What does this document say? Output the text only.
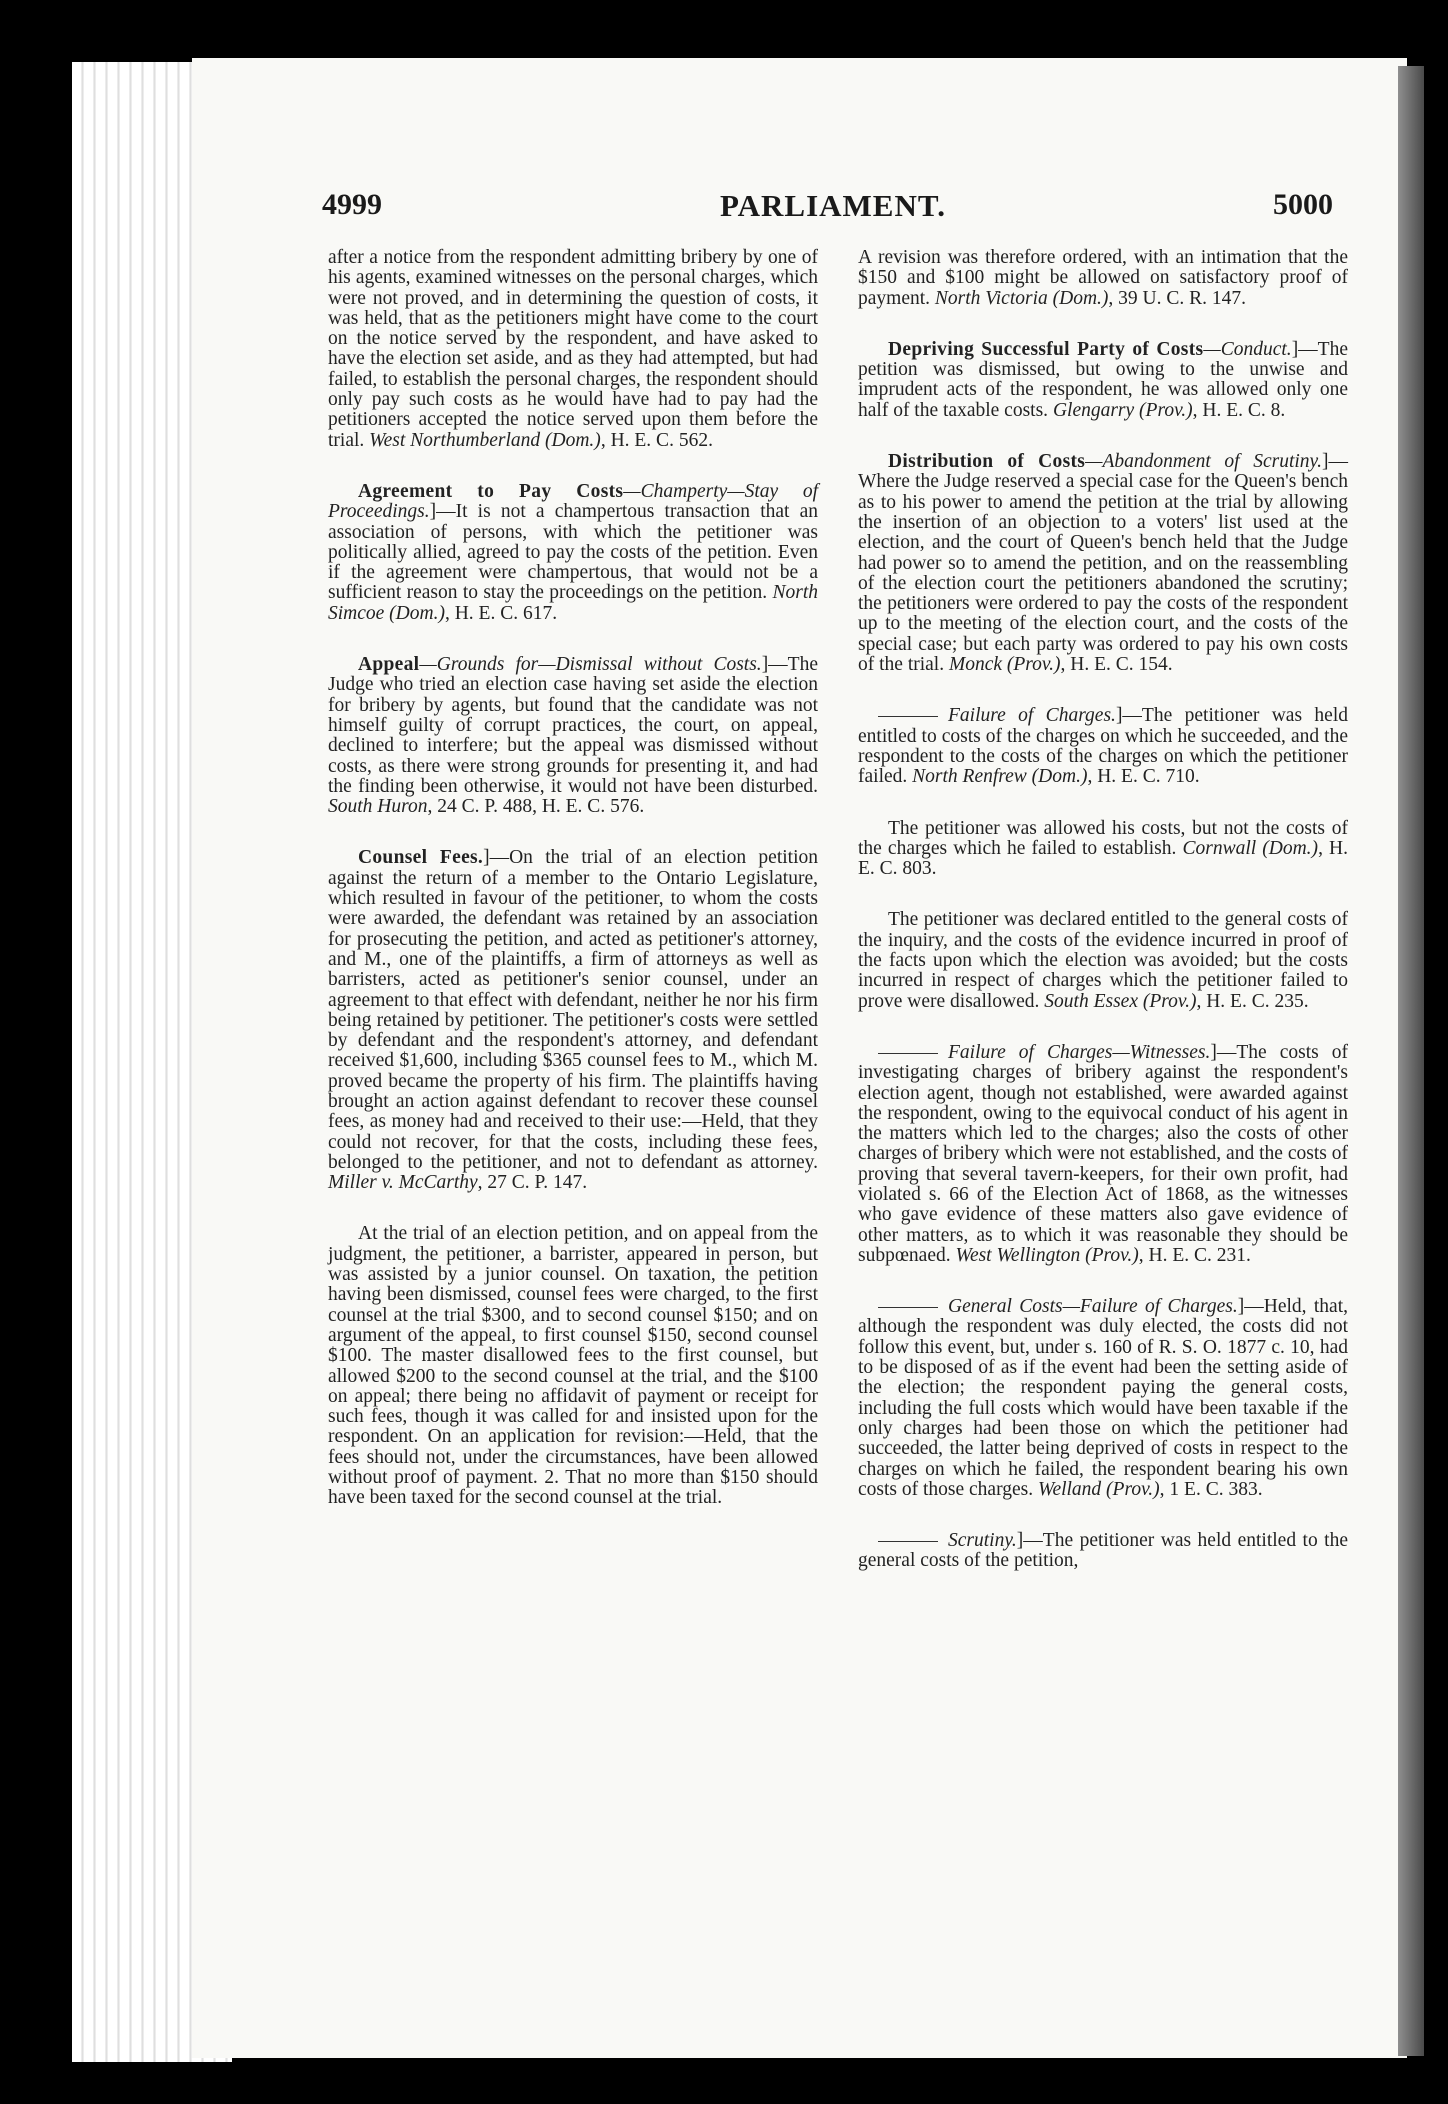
4999	PARLIAMENT.	5000

after a notice from the respondent admitting bribery by one of his agents, examined witnesses on the personal charges, which were not proved, and in determining the question of costs, it was held, that as the petitioners might have come to the court on the notice served by the respondent, and have asked to have the election set aside, and as they had attempted, but had failed, to establish the personal charges, the respondent should only pay such costs as he would have had to pay had the petitioners accepted the notice served upon them before the trial. West Northumberland (Dom.), H. E. C. 562.

Agreement to Pay Costs—Champerty—Stay of Proceedings.]—It is not a champertous transaction that an association of persons, with which the petitioner was politically allied, agreed to pay the costs of the petition. Even if the agreement were champertous, that would not be a sufficient reason to stay the proceedings on the petition. North Simcoe (Dom.), H. E. C. 617.

Appeal—Grounds for—Dismissal without Costs.]—The Judge who tried an election case having set aside the election for bribery by agents, but found that the candidate was not himself guilty of corrupt practices, the court, on appeal, declined to interfere; but the appeal was dismissed without costs, as there were strong grounds for presenting it, and had the finding been otherwise, it would not have been disturbed. South Huron, 24 C. P. 488, H. E. C. 576.

Counsel Fees.]—On the trial of an election petition against the return of a member to the Ontario Legislature, which resulted in favour of the petitioner, to whom the costs were awarded, the defendant was retained by an association for prosecuting the petition, and acted as petitioner's attorney, and M., one of the plaintiffs, a firm of attorneys as well as barristers, acted as petitioner's senior counsel, under an agreement to that effect with defendant, neither he nor his firm being retained by petitioner. The petitioner's costs were settled by defendant and the respondent's attorney, and defendant received $1,600, including $365 counsel fees to M., which M. proved became the property of his firm. The plaintiffs having brought an action against defendant to recover these counsel fees, as money had and received to their use:—Held, that they could not recover, for that the costs, including these fees, belonged to the petitioner, and not to defendant as attorney. Miller v. McCarthy, 27 C. P. 147.

At the trial of an election petition, and on appeal from the judgment, the petitioner, a barrister, appeared in person, but was assisted by a junior counsel. On taxation, the petition having been dismissed, counsel fees were charged, to the first counsel at the trial $300, and to second counsel $150; and on argument of the appeal, to first counsel $150, second counsel $100. The master disallowed fees to the first counsel, but allowed $200 to the second counsel at the trial, and the $100 on appeal; there being no affidavit of payment or receipt for such fees, though it was called for and insisted upon for the respondent. On an application for revision:—Held, that the fees should not, under the circumstances, have been allowed without proof of payment. 2. That no more than $150 should have been taxed for the second counsel at the trial.

A revision was therefore ordered, with an intimation that the $150 and $100 might be allowed on satisfactory proof of payment. North Victoria (Dom.), 39 U. C. R. 147.

Depriving Successful Party of Costs—Conduct.]—The petition was dismissed, but owing to the unwise and imprudent acts of the respondent, he was allowed only one half of the taxable costs. Glengarry (Prov.), H. E. C. 8.

Distribution of Costs—Abandonment of Scrutiny.]—Where the Judge reserved a special case for the Queen's bench as to his power to amend the petition at the trial by allowing the insertion of an objection to a voters' list used at the election, and the court of Queen's bench held that the Judge had power so to amend the petition, and on the reassembling of the election court the petitioners abandoned the scrutiny; the petitioners were ordered to pay the costs of the respondent up to the meeting of the election court, and the costs of the special case; but each party was ordered to pay his own costs of the trial. Monck (Prov.), H. E. C. 154.

Failure of Charges.]—The petitioner was held entitled to costs of the charges on which he succeeded, and the respondent to the costs of the charges on which the petitioner failed. North Renfrew (Dom.), H. E. C. 710.

The petitioner was allowed his costs, but not the costs of the charges which he failed to establish. Cornwall (Dom.), H. E. C. 803.

The petitioner was declared entitled to the general costs of the inquiry, and the costs of the evidence incurred in proof of the facts upon which the election was avoided; but the costs incurred in respect of charges which the petitioner failed to prove were disallowed. South Essex (Prov.), H. E. C. 235.

Failure of Charges—Witnesses.]—The costs of investigating charges of bribery against the respondent's election agent, though not established, were awarded against the respondent, owing to the equivocal conduct of his agent in the matters which led to the charges; also the costs of other charges of bribery which were not established, and the costs of proving that several tavern-keepers, for their own profit, had violated s. 66 of the Election Act of 1868, as the witnesses who gave evidence of these matters also gave evidence of other matters, as to which it was reasonable they should be subpœnaed. West Wellington (Prov.), H. E. C. 231.

General Costs—Failure of Charges.]—Held, that, although the respondent was duly elected, the costs did not follow this event, but, under s. 160 of R. S. O. 1877 c. 10, had to be disposed of as if the event had been the setting aside of the election; the respondent paying the general costs, including the full costs which would have been taxable if the only charges had been those on which the petitioner had succeeded, the latter being deprived of costs in respect to the charges on which he failed, the respondent bearing his own costs of those charges. Welland (Prov.), 1 E. C. 383.

Scrutiny.]—The petitioner was held entitled to the general costs of the petition,
